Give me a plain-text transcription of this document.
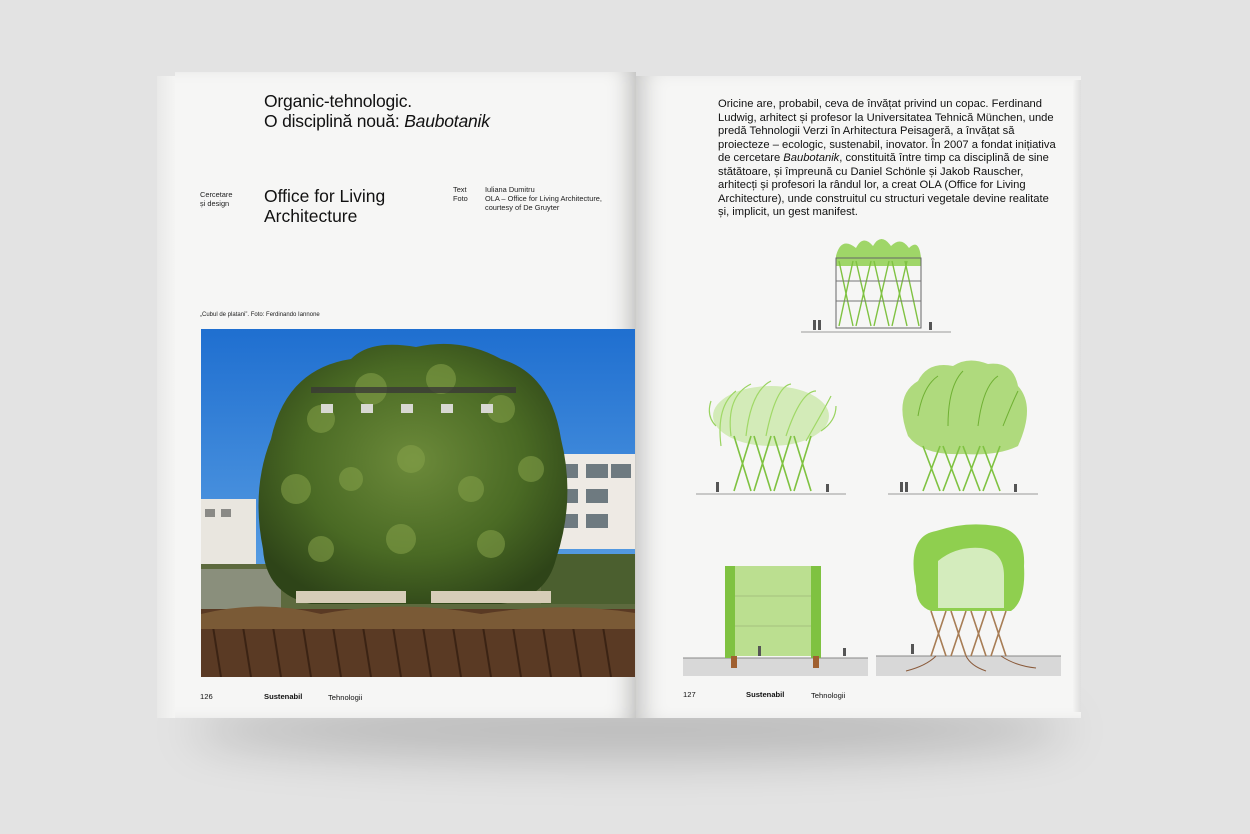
Organic-tehnologic.
O disciplină nouă: Baubotanik
Cercetare
și design Office for Living
Architecture
Text
Foto
Iuliana Dumitru
OLA – Office for Living Architecture,
courtesy of De Gruyter
„Cubul de platani”. Foto: Ferdinando Iannone
126	Sustenabil	Tehnologii
Oricine are, probabil, ceva de învățat privind un copac. Ferdinand Ludwig, arhitect și profesor la Universitatea Tehnică München, unde predă Tehnologii Verzi în Arhitectura Peisageră, a învățat să proiecteze – ecologic, sustenabil, inovator. În 2007 a fondat inițiativa de cercetare Baubotanik, constituită între timp ca disciplină de sine stătătoare, și împreună cu Daniel Schönle și Jakob Rauscher, arhitecți și profesori la rândul lor, a creat OLA (Office for Living Architecture), unde construitul cu structuri vegetale devine realitate și, implicit, un gest manifest.
127	Sustenabil	Tehnologii
